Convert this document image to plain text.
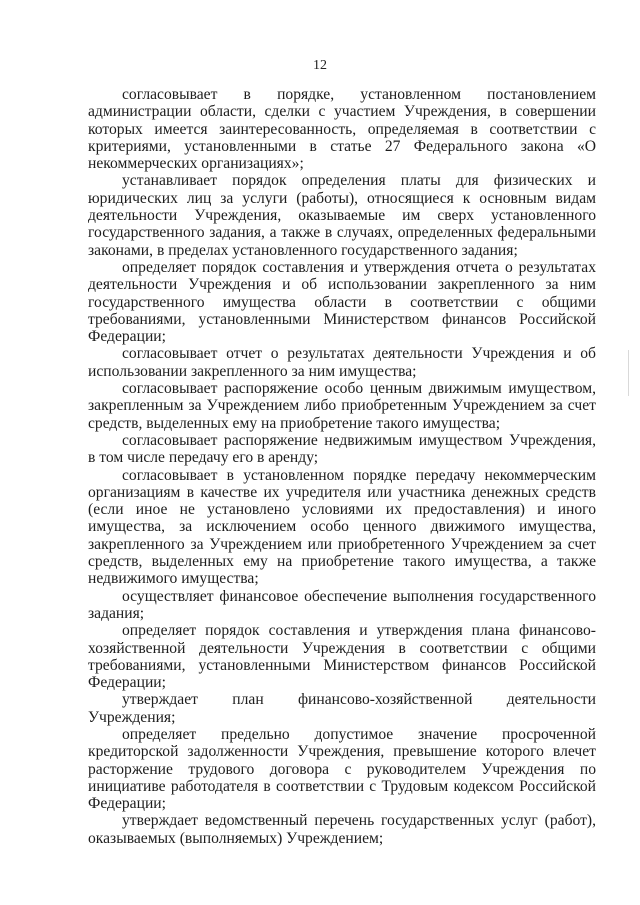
12

согласовывает в порядке, установленном постановлением администрации области, сделки с участием Учреждения, в совершении которых имеется заинтересованность, определяемая в соответствии с критериями, установленными в статье 27 Федерального закона «О некоммерческих организациях»;

устанавливает порядок определения платы для физических и юридических лиц за услуги (работы), относящиеся к основным видам деятельности Учреждения, оказываемые им сверх установленного государственного задания, а также в случаях, определенных федеральными законами, в пределах установленного государственного задания;

определяет порядок составления и утверждения отчета о результатах деятельности Учреждения и об использовании закрепленного за ним государственного имущества области в соответствии с общими требованиями, установленными Министерством финансов Российской Федерации;

согласовывает отчет о результатах деятельности Учреждения и об использовании закрепленного за ним имущества;

согласовывает распоряжение особо ценным движимым имуществом, закрепленным за Учреждением либо приобретенным Учреждением за счет средств, выделенных ему на приобретение такого имущества;

согласовывает распоряжение недвижимым имуществом Учреждения, в том числе передачу его в аренду;

согласовывает в установленном порядке передачу некоммерческим организациям в качестве их учредителя или участника денежных средств (если иное не установлено условиями их предоставления) и иного имущества, за исключением особо ценного движимого имущества, закрепленного за Учреждением или приобретенного Учреждением за счет средств, выделенных ему на приобретение такого имущества, а также недвижимого имущества;

осуществляет финансовое обеспечение выполнения государственного задания;

определяет порядок составления и утверждения плана финансово-хозяйственной деятельности Учреждения в соответствии с общими требованиями, установленными Министерством финансов Российской Федерации;

утверждает план финансово-хозяйственной деятельности Учреждения;

определяет предельно допустимое значение просроченной кредиторской задолженности Учреждения, превышение которого влечет расторжение трудового договора с руководителем Учреждения по инициативе работодателя в соответствии с Трудовым кодексом Российской Федерации;

утверждает ведомственный перечень государственных услуг (работ), оказываемых (выполняемых) Учреждением;
